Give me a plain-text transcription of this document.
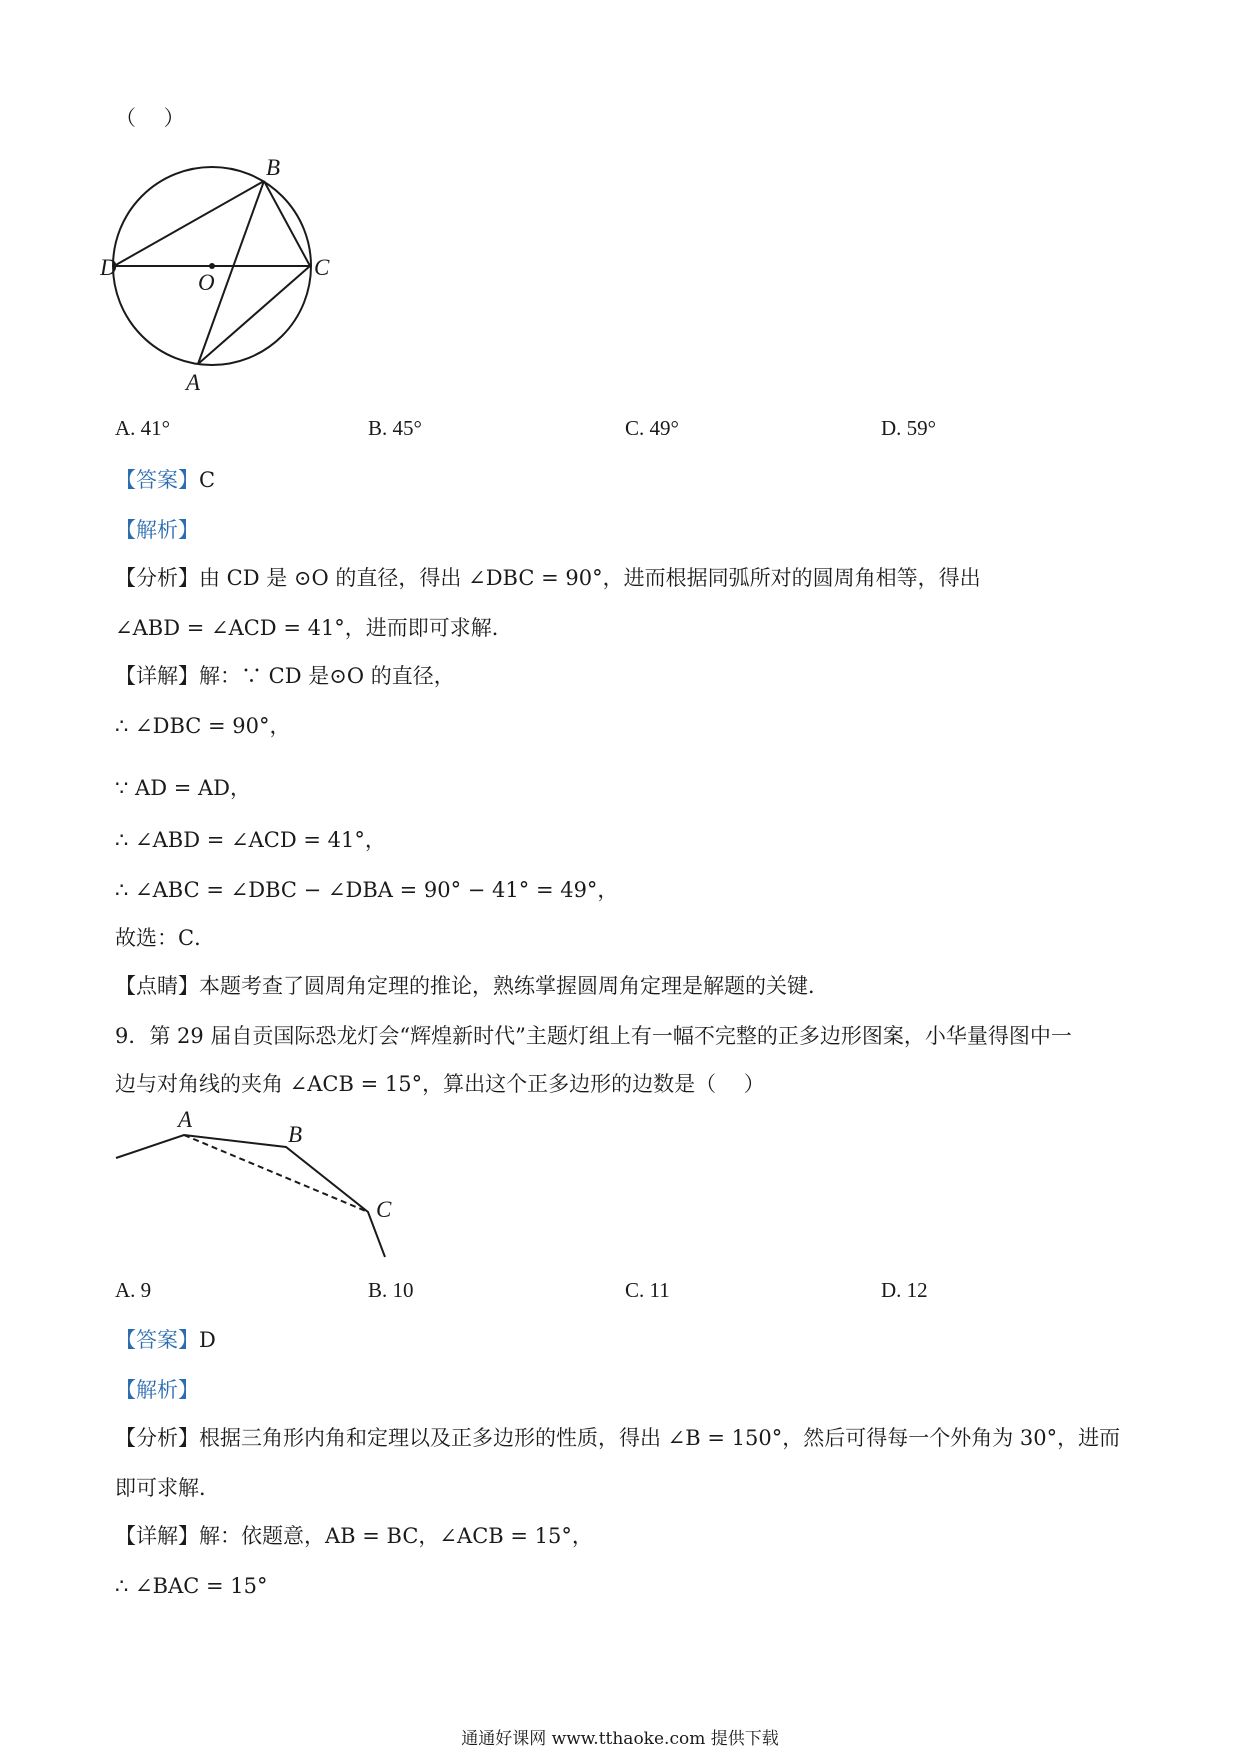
（　 ）
B
C
D
O
A
A. 41°	B. 45°	C. 49°	D. 59°
【答案】C
【解析】
【分析】由 CD 是 ⊙O 的直径，得出 ∠DBC = 90°，进而根据同弧所对的圆周角相等，得出
∠ABD = ∠ACD = 41°，进而即可求解．
【详解】解：∵ CD 是⊙O 的直径，
∴ ∠DBC = 90°，
∵ AD = AD，
∴ ∠ABD = ∠ACD = 41°，
∴ ∠ABC = ∠DBC − ∠DBA = 90° − 41° = 49°，
故选：C．
【点睛】本题考查了圆周角定理的推论，熟练掌握圆周角定理是解题的关键．
9．第 29 届自贡国际恐龙灯会“辉煌新时代”主题灯组上有一幅不完整的正多边形图案，小华量得图中一
边与对角线的夹角 ∠ACB = 15°，算出这个正多边形的边数是（　 ）
A
B
C
A. 9	B. 10	C. 11	D. 12
【答案】D
【解析】
【分析】根据三角形内角和定理以及正多边形的性质，得出 ∠B = 150°，然后可得每一个外角为 30°，进而
即可求解．
【详解】解：依题意，AB = BC，∠ACB = 15°，
∴ ∠BAC = 15°
通通好课网 www.tthaoke.com 提供下载
